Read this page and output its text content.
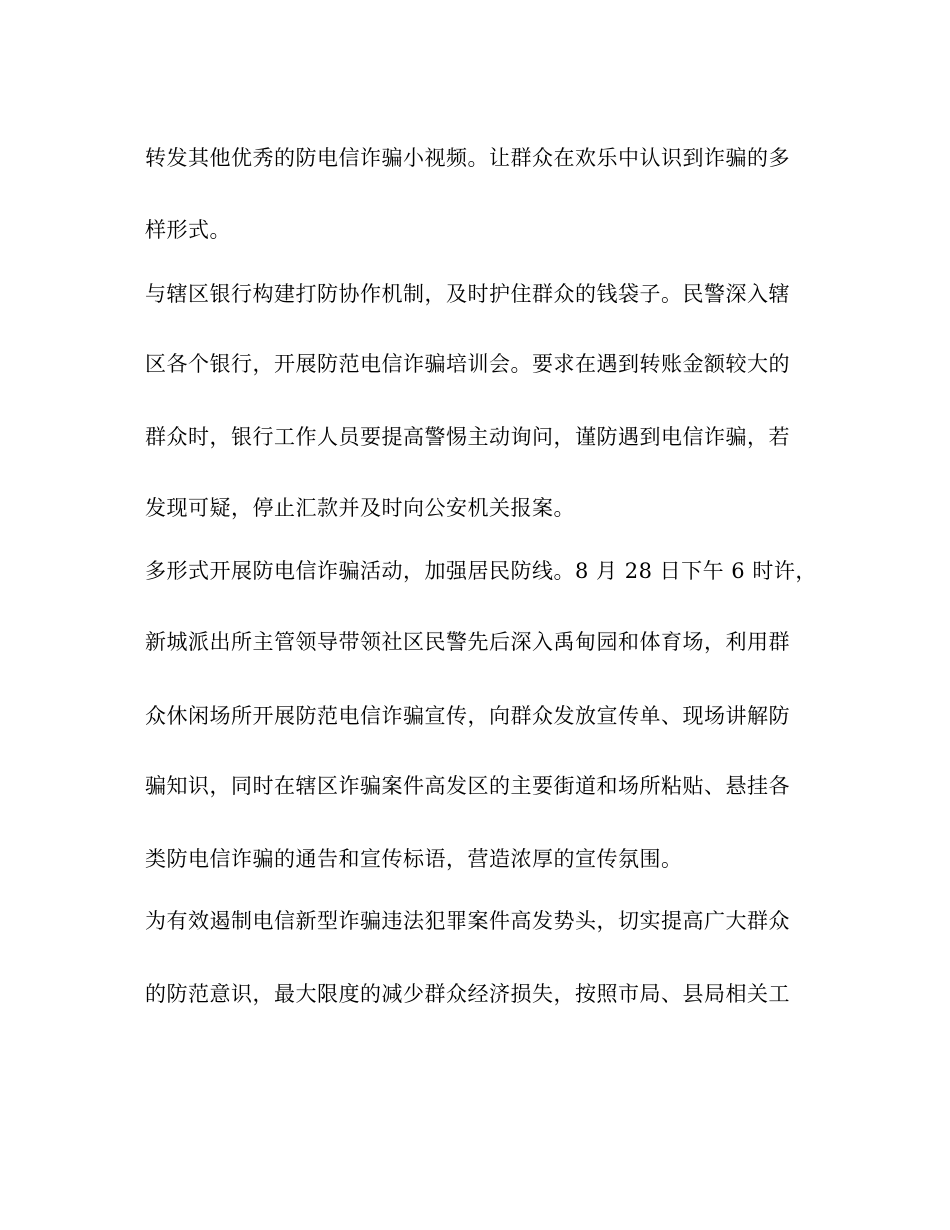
转发其他优秀的防电信诈骗小视频。让群众在欢乐中认识到诈骗的多

样形式。

与辖区银行构建打防协作机制，及时护住群众的钱袋子。民警深入辖

区各个银行，开展防范电信诈骗培训会。要求在遇到转账金额较大的

群众时，银行工作人员要提高警惕主动询问，谨防遇到电信诈骗，若

发现可疑，停止汇款并及时向公安机关报案。

多形式开展防电信诈骗活动，加强居民防线。8 月 28 日下午 6 时许，

新城派出所主管领导带领社区民警先后深入禹甸园和体育场，利用群

众休闲场所开展防范电信诈骗宣传，向群众发放宣传单、现场讲解防

骗知识，同时在辖区诈骗案件高发区的主要街道和场所粘贴、悬挂各

类防电信诈骗的通告和宣传标语，营造浓厚的宣传氛围。

为有效遏制电信新型诈骗违法犯罪案件高发势头，切实提高广大群众

的防范意识，最大限度的减少群众经济损失，按照市局、县局相关工
